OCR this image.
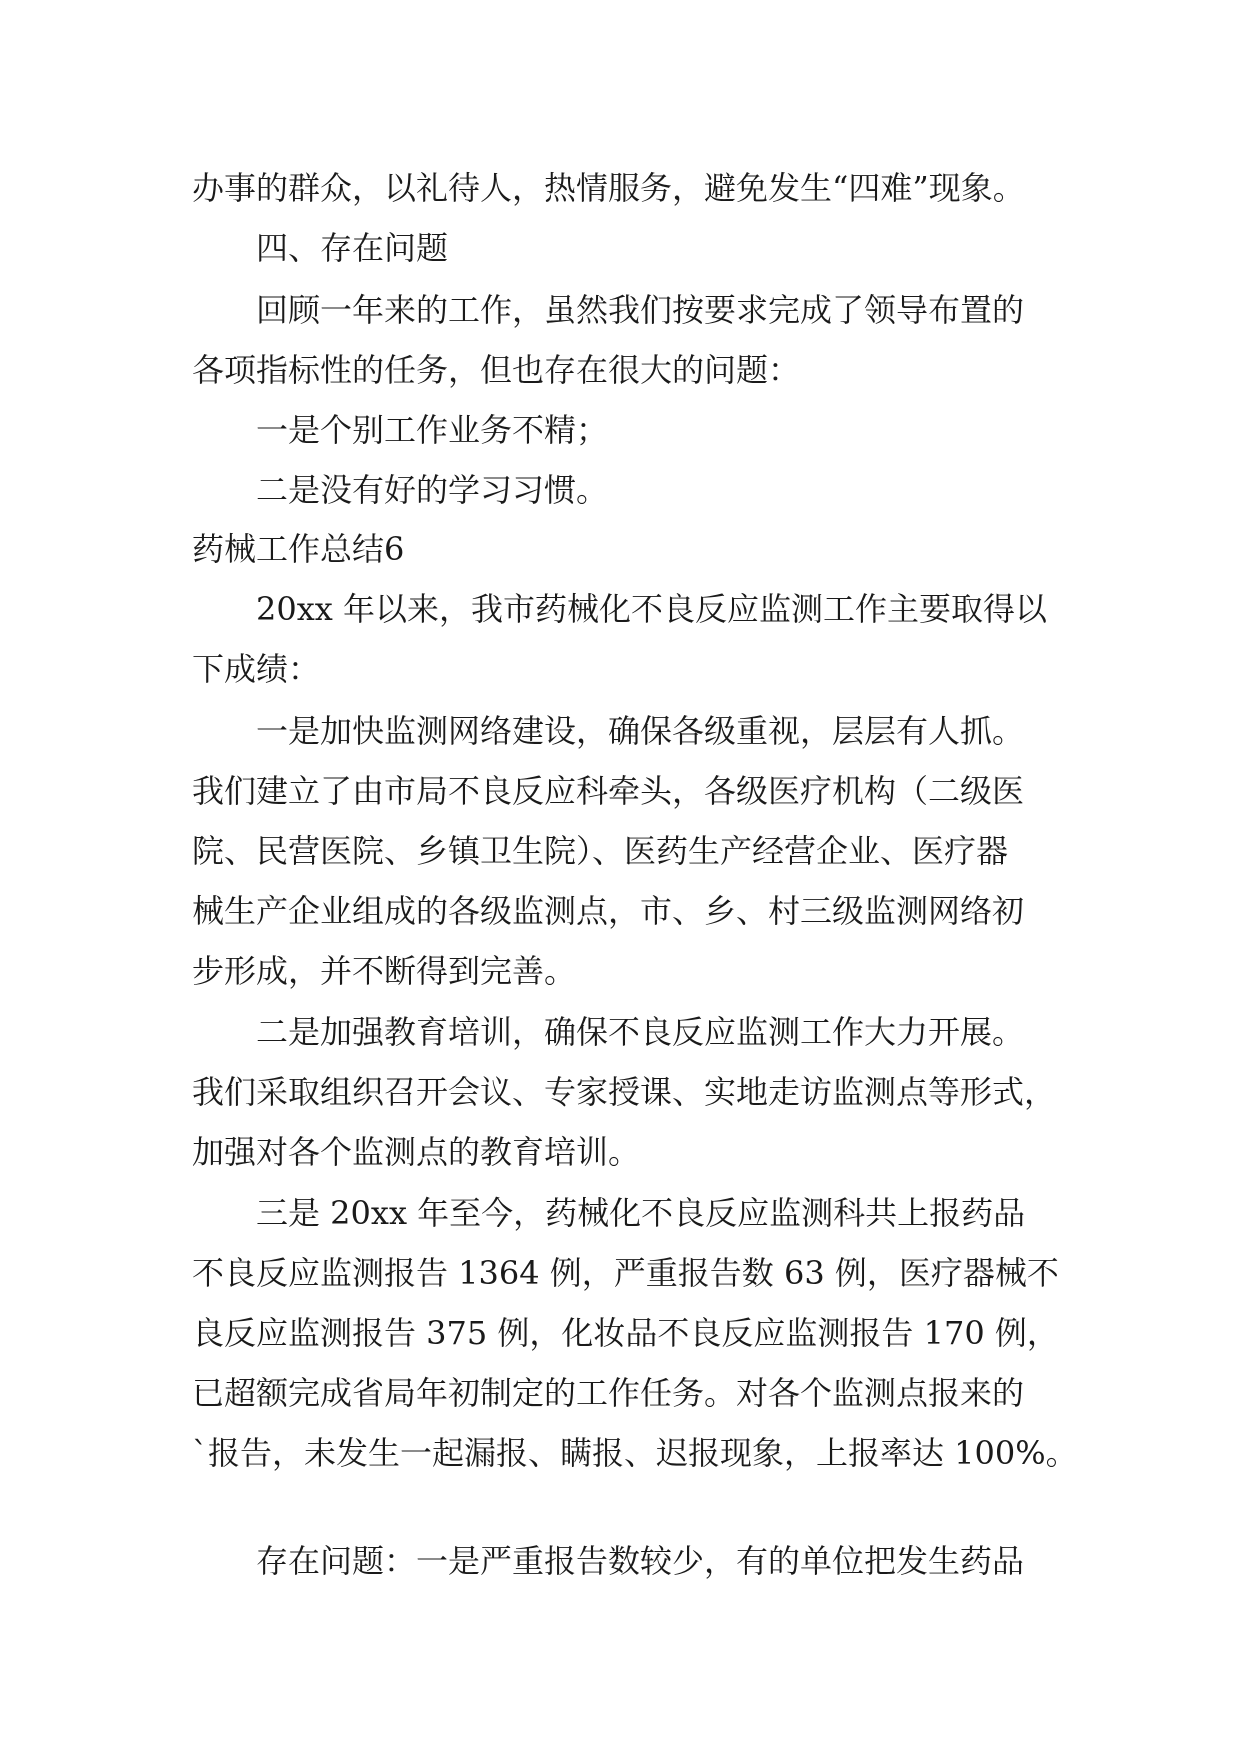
办事的群众，以礼待人，热情服务，避免发生“四难”现象。
四、存在问题
回顾一年来的工作，虽然我们按要求完成了领导布置的
各项指标性的任务，但也存在很大的问题：
一是个别工作业务不精；
二是没有好的学习习惯。
药械工作总结6
20xx 年以来，我市药械化不良反应监测工作主要取得以
下成绩：
一是加快监测网络建设，确保各级重视，层层有人抓。
我们建立了由市局不良反应科牵头，各级医疗机构（二级医
院、民营医院、乡镇卫生院）、医药生产经营企业、医疗器
械生产企业组成的各级监测点，市、乡、村三级监测网络初
步形成，并不断得到完善。
二是加强教育培训，确保不良反应监测工作大力开展。
我们采取组织召开会议、专家授课、实地走访监测点等形式，
加强对各个监测点的教育培训。
三是 20xx 年至今，药械化不良反应监测科共上报药品
不良反应监测报告 1364 例，严重报告数 63 例，医疗器械不
良反应监测报告 375 例，化妆品不良反应监测报告 170 例，
已超额完成省局年初制定的工作任务。对各个监测点报来的
`报告，未发生一起漏报、瞒报、迟报现象，上报率达 100%。
存在问题：一是严重报告数较少，有的单位把发生药品
